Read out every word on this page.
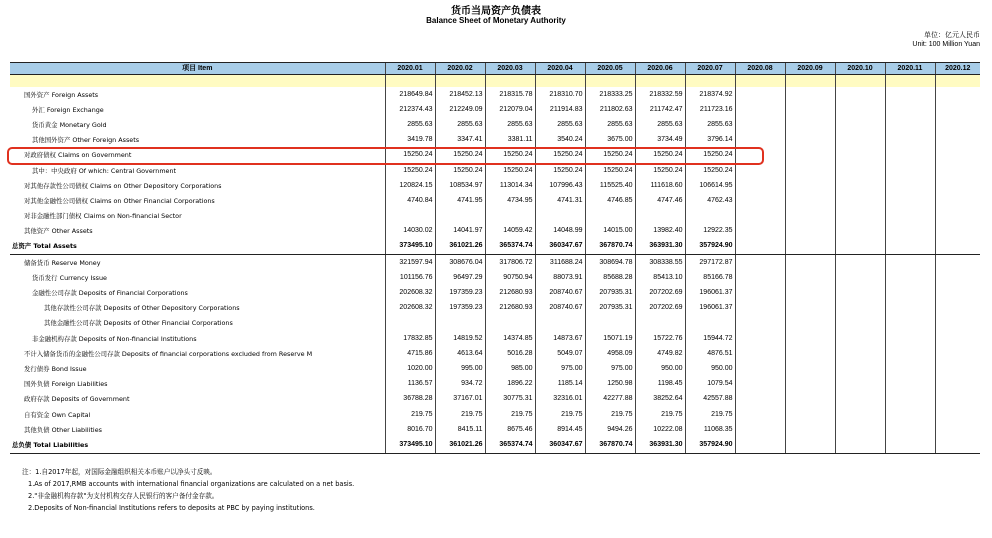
货币当局资产负债表
Balance Sheet of Monetary Authority
单位：亿元人民币
Unit: 100 Million Yuan
项目 Item	2020.01	2020.02	2020.03	2020.04	2020.05	2020.06	2020.07	2020.08	2020.09	2020.10	2020.11	2020.12

国外资产 Foreign Assets	218649.84	218452.13	218315.78	218310.70	218333.25	218332.59	218374.92					
外汇 Foreign Exchange	212374.43	212249.09	212079.04	211914.83	211802.63	211742.47	211723.16					
货币黄金 Monetary Gold	2855.63	2855.63	2855.63	2855.63	2855.63	2855.63	2855.63					
其他国外资产 Other Foreign Assets	3419.78	3347.41	3381.11	3540.24	3675.00	3734.49	3796.14					
对政府债权 Claims on Government	15250.24	15250.24	15250.24	15250.24	15250.24	15250.24	15250.24					
其中：中央政府 Of which: Central Government	15250.24	15250.24	15250.24	15250.24	15250.24	15250.24	15250.24					
对其他存款性公司债权 Claims on Other Depository Corporations	120824.15	108534.97	113014.34	107996.43	115525.40	111618.60	106614.95					
对其他金融性公司债权 Claims on Other Financial Corporations	4740.84	4741.95	4734.95	4741.31	4746.85	4747.46	4762.43					
对非金融性部门债权 Claims on Non-financial Sector												
其他资产 Other Assets	14030.02	14041.97	14059.42	14048.99	14015.00	13982.40	12922.35					
总资产 Total Assets	373495.10	361021.26	365374.74	360347.67	367870.74	363931.30	357924.90					
储备货币 Reserve Money	321597.94	308676.04	317806.72	311688.24	308694.78	308338.55	297172.87					
货币发行 Currency Issue	101156.76	96497.29	90750.94	88073.91	85688.28	85413.10	85166.78					
金融性公司存款 Deposits of Financial Corporations	202608.32	197359.23	212680.93	208740.67	207935.31	207202.69	196061.37					
其他存款性公司存款 Deposits of Other Depository Corporations	202608.32	197359.23	212680.93	208740.67	207935.31	207202.69	196061.37					
其他金融性公司存款 Deposits of Other Financial Corporations												
非金融机构存款 Deposits of Non-financial Institutions	17832.85	14819.52	14374.85	14873.67	15071.19	15722.76	15944.72					
不计入储备货币的金融性公司存款 Deposits of financial corporations excluded from Reserve M	4715.86	4613.64	5016.28	5049.07	4958.09	4749.82	4876.51					
发行债券 Bond Issue	1020.00	995.00	985.00	975.00	975.00	950.00	950.00					
国外负债 Foreign Liabilities	1136.57	934.72	1896.22	1185.14	1250.98	1198.45	1079.54					
政府存款 Deposits of Government	36788.28	37167.01	30775.31	32316.01	42277.88	38252.64	42557.88					
自有资金 Own Capital	219.75	219.75	219.75	219.75	219.75	219.75	219.75					
其他负债 Other Liabilities	8016.70	8415.11	8675.46	8914.45	9494.26	10222.08	11068.35					
总负债 Total Liabilities	373495.10	361021.26	365374.74	360347.67	367870.74	363931.30	357924.90					
注：1.自2017年起，对国际金融组织相关本币账户以净头寸反映。
1.As of 2017,RMB accounts with international financial organizations are calculated on a net basis.
2."非金融机构存款"为支付机构交存人民银行的客户备付金存款。
2.Deposits of Non-financial Institutions refers to deposits at PBC by paying institutions.
